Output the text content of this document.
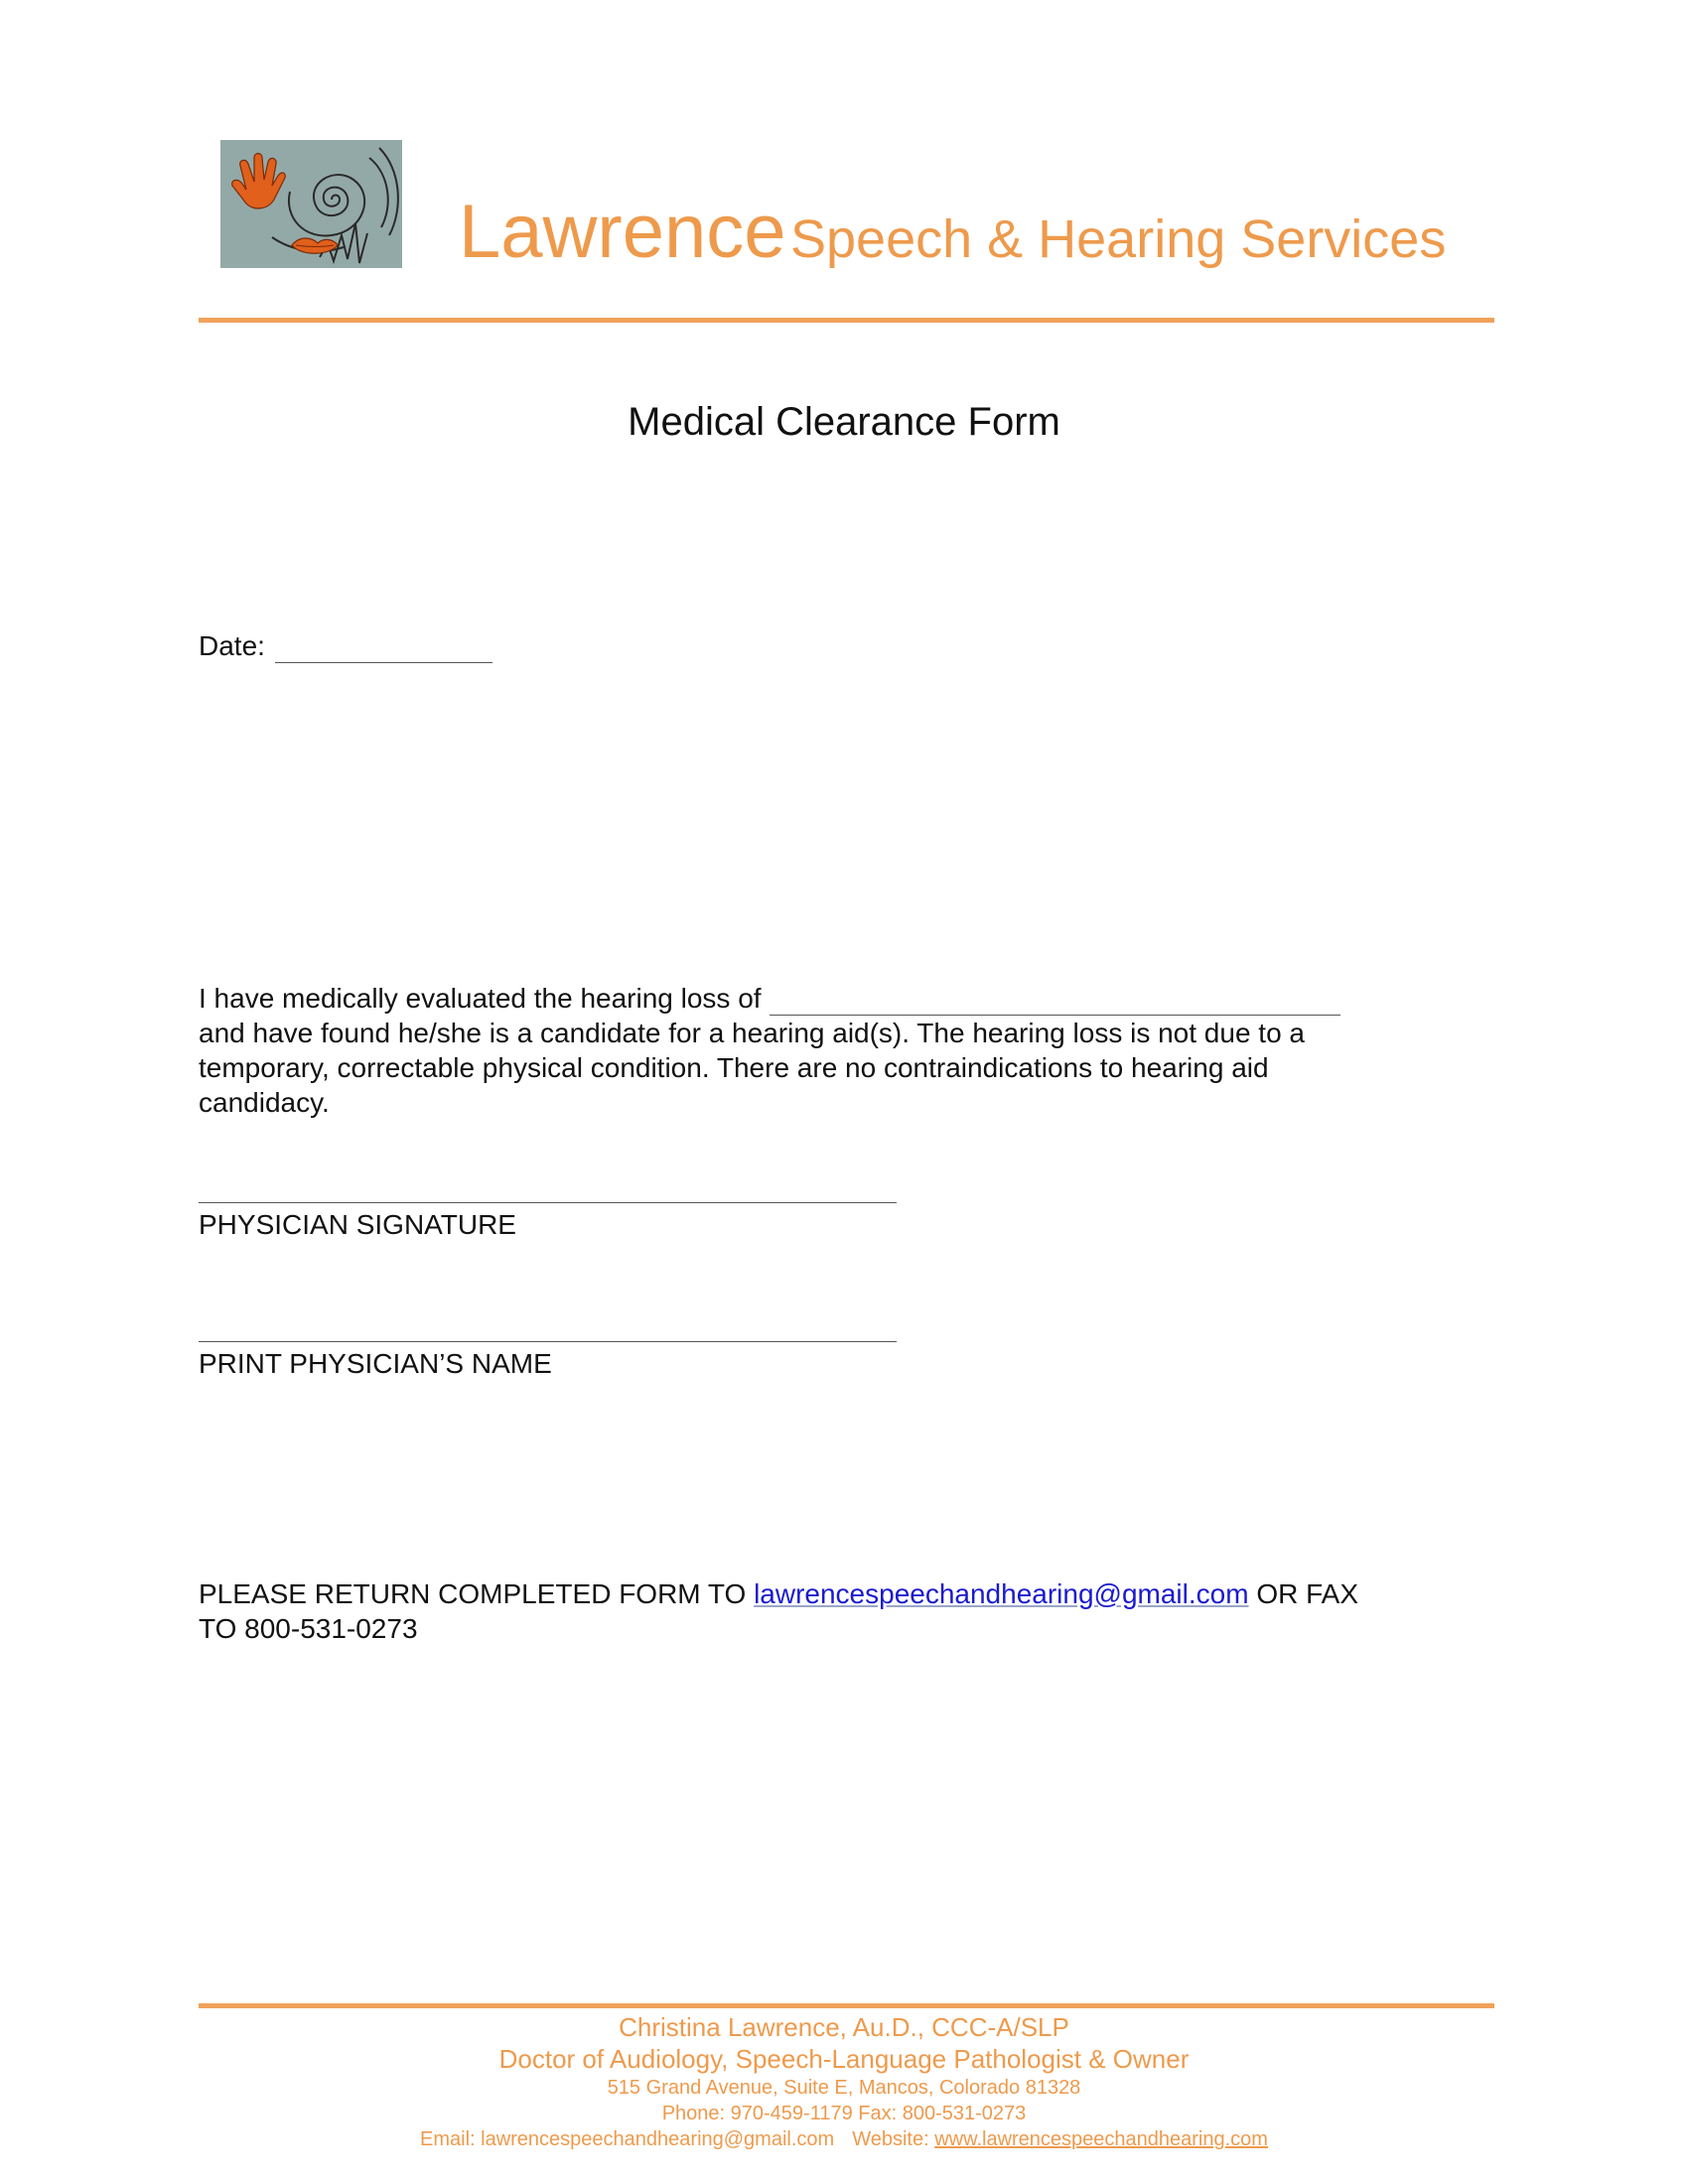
Lawrence Speech & Hearing Services
Medical Clearance Form
Date:

I have medically evaluated the hearing loss of

and have found he/she is a candidate for a hearing aid(s). The hearing loss is not due to a

temporary, correctable physical condition. There are no contraindications to hearing aid

candidacy.

PHYSICIAN SIGNATURE
PRINT PHYSICIAN’S NAME

PLEASE RETURN COMPLETED FORM TO lawrencespeechandhearing@gmail.com OR FAX

TO 800-531-0273

Christina Lawrence, Au.D., CCC-A/SLP
Doctor of Audiology, Speech-Language Pathologist & Owner
515 Grand Avenue, Suite E, Mancos, Colorado 81328
Phone: 970-459-1179 Fax: 800-531-0273
Email: lawrencespeechandhearing@gmail.com Website: www.lawrencespeechandhearing.com
